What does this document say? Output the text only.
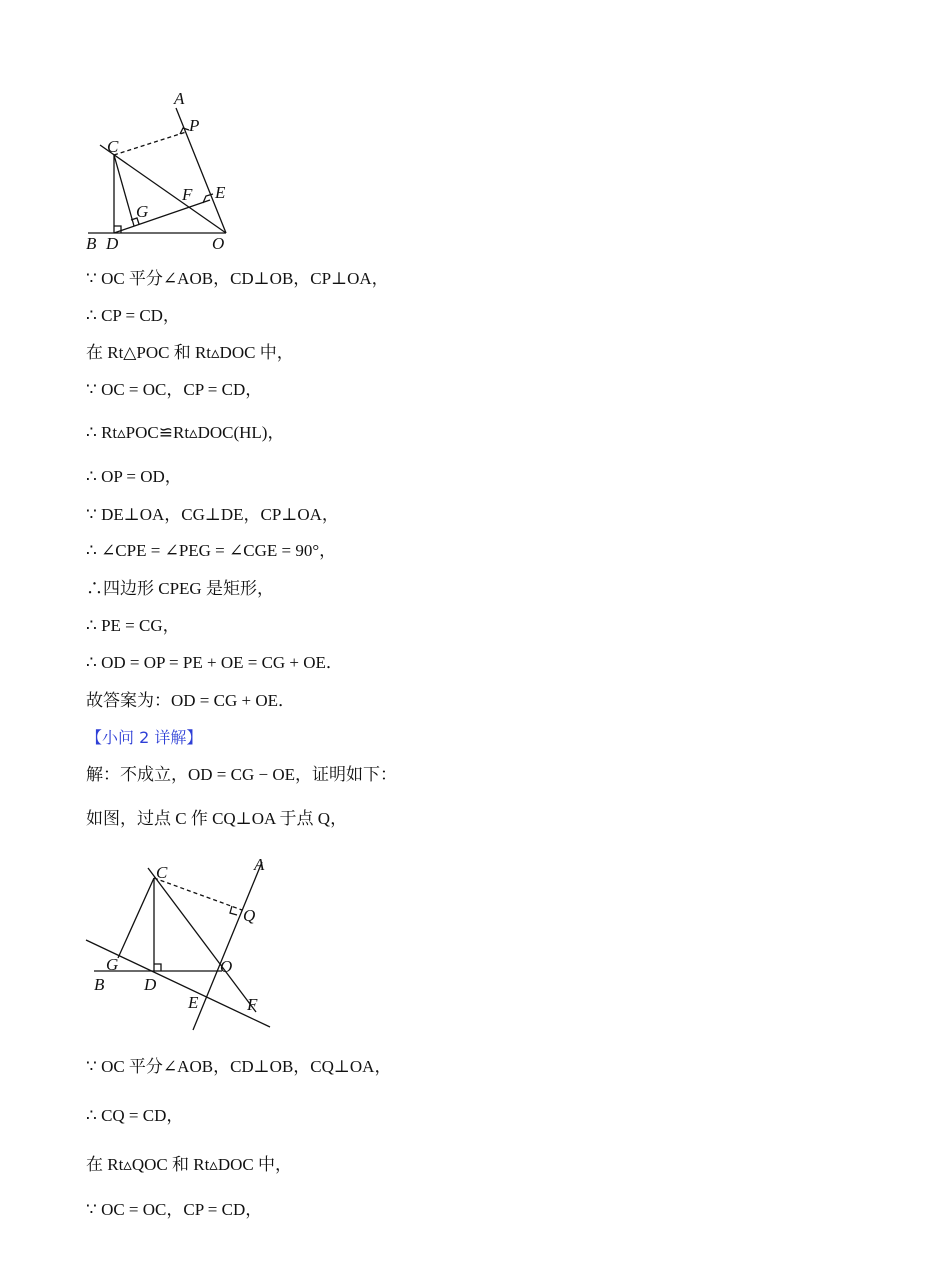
A
P
C
E
F
G
B D	O
∵ OC 平分∠AOB，CD⊥OB，CP⊥OA，
∴ CP = CD，
在 Rt△POC 和 Rt▵DOC 中，
∵ OC = OC，CP = CD，
∴ Rt▵POC≌Rt▵DOC(HL)，
∴ OP = OD，
∵ DE⊥OA，CG⊥DE，CP⊥OA，
∴ ∠CPE = ∠PEG = ∠CGE = 90°，
∴四边形 CPEG 是矩形，
∴ PE = CG，
∴ OD = OP = PE + OE = CG + OE．
故答案为：OD = CG + OE．
【小问 2 详解】
解：不成立，OD = CG − OE，证明如下：
如图，过点 C 作 CQ⊥OA 于点 Q，
A
C
Q
G
D
O
B
E	F
∵ OC 平分∠AOB，CD⊥OB，CQ⊥OA，
∴ CQ = CD，
在 Rt▵QOC 和 Rt▵DOC 中，
∵ OC = OC，CP = CD，
